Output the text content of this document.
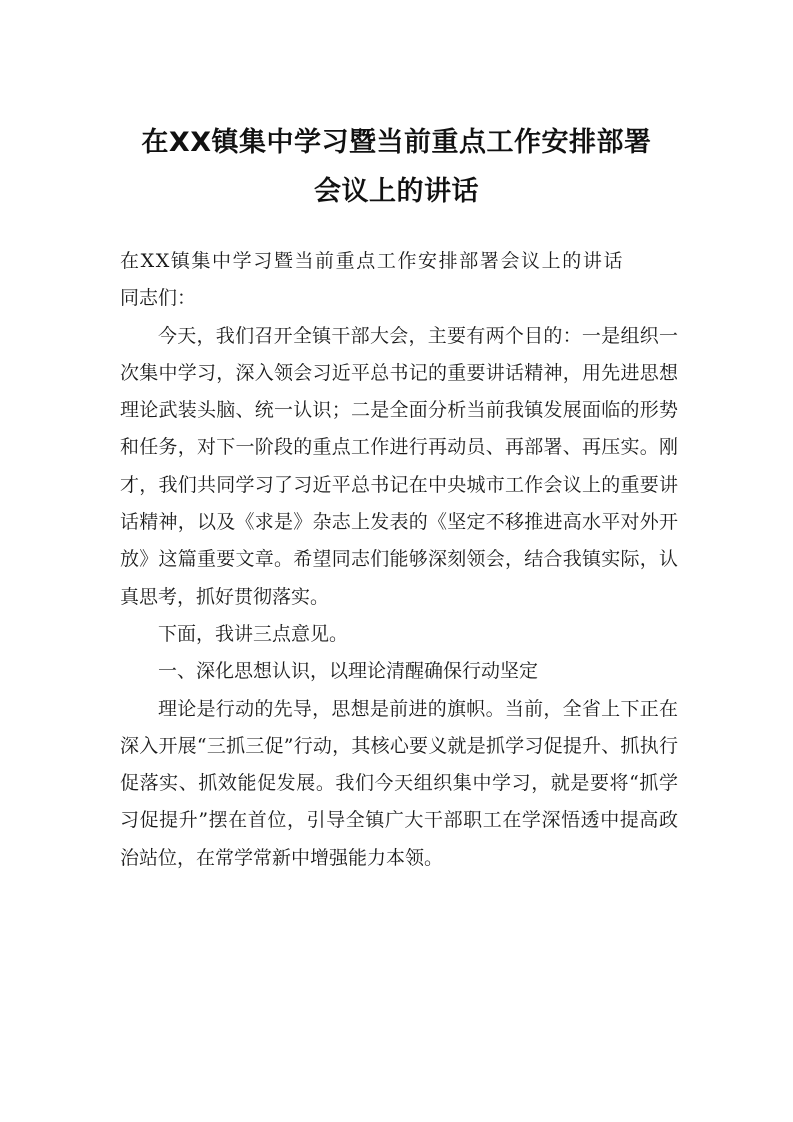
在XX镇集中学习暨当前重点工作安排部署
会议上的讲话

在XX镇集中学习暨当前重点工作安排部署会议上的讲话

同志们：

今天，我们召开全镇干部大会，主要有两个目的：一是组织一次集中学习，深入领会习近平总书记的重要讲话精神，用先进思想理论武装头脑、统一认识；二是全面分析当前我镇发展面临的形势和任务，对下一阶段的重点工作进行再动员、再部署、再压实。刚才，我们共同学习了习近平总书记在中央城市工作会议上的重要讲话精神，以及《求是》杂志上发表的《坚定不移推进高水平对外开放》这篇重要文章。希望同志们能够深刻领会，结合我镇实际，认真思考，抓好贯彻落实。

下面，我讲三点意见。

一、深化思想认识，以理论清醒确保行动坚定

理论是行动的先导，思想是前进的旗帜。当前，全省上下正在深入开展“三抓三促”行动，其核心要义就是抓学习促提升、抓执行促落实、抓效能促发展。我们今天组织集中学习，就是要将“抓学习促提升”摆在首位，引导全镇广大干部职工在学深悟透中提高政治站位，在常学常新中增强能力本领。
